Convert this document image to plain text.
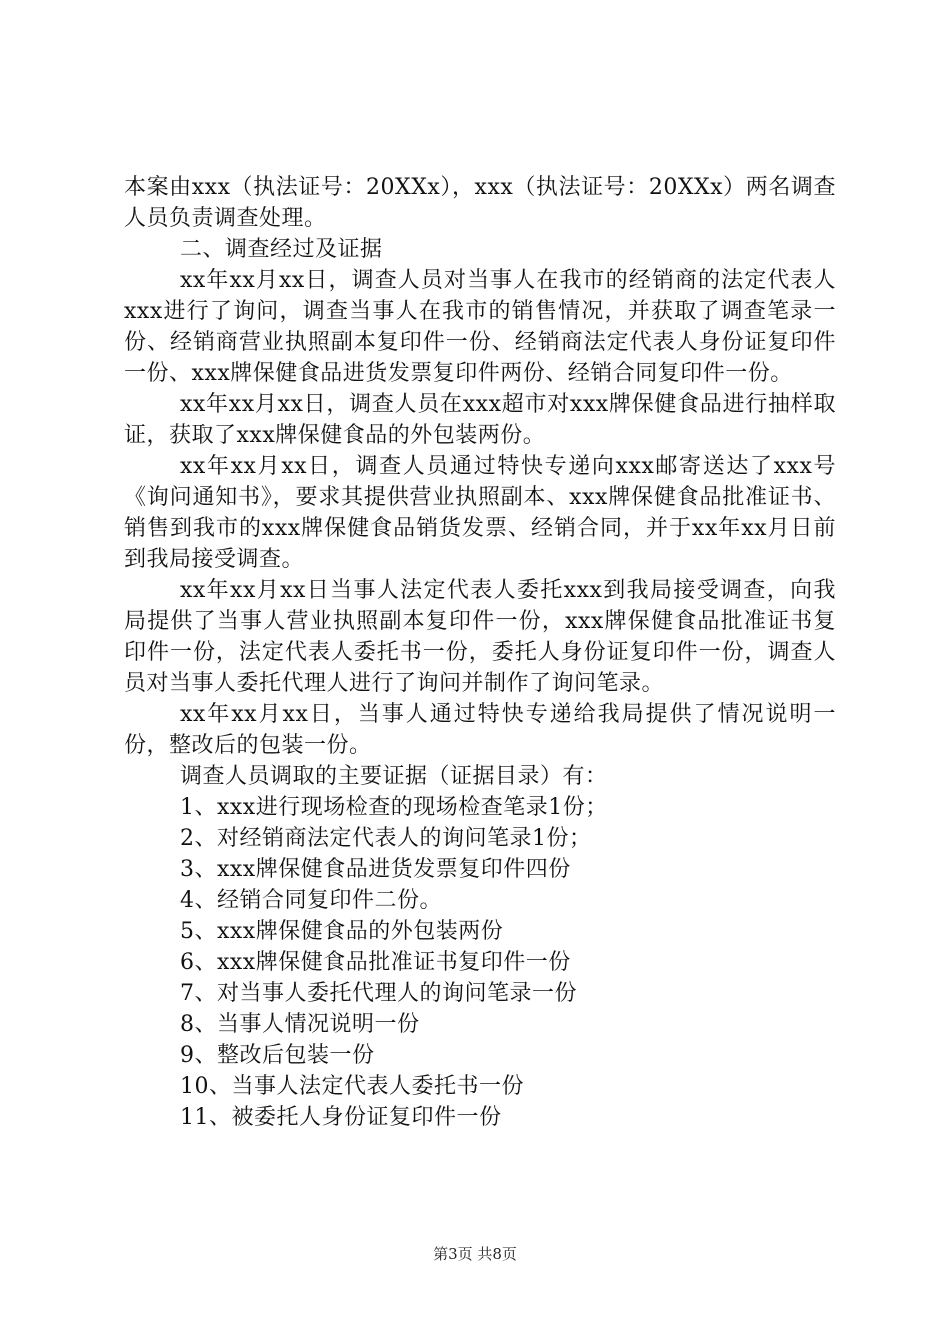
本案由xxx（执法证号：20XXx），xxx（执法证号：20XXx）两名调查人员负责调查处理。

二、调查经过及证据

xx年xx月xx日，调查人员对当事人在我市的经销商的法定代表人xxx进行了询问，调查当事人在我市的销售情况，并获取了调查笔录一份、经销商营业执照副本复印件一份、经销商法定代表人身份证复印件一份、xxx牌保健食品进货发票复印件两份、经销合同复印件一份。

xx年xx月xx日，调查人员在xxx超市对xxx牌保健食品进行抽样取证，获取了xxx牌保健食品的外包装两份。

xx年xx月xx日，调查人员通过特快专递向xxx邮寄送达了xxx号《询问通知书》，要求其提供营业执照副本、xxx牌保健食品批准证书、销售到我市的xxx牌保健食品销货发票、经销合同，并于xx年xx月日前到我局接受调查。

xx年xx月xx日当事人法定代表人委托xxx到我局接受调查，向我局提供了当事人营业执照副本复印件一份，xxx牌保健食品批准证书复印件一份，法定代表人委托书一份，委托人身份证复印件一份，调查人员对当事人委托代理人进行了询问并制作了询问笔录。

xx年xx月xx日，当事人通过特快专递给我局提供了情况说明一份，整改后的包装一份。

调查人员调取的主要证据（证据目录）有：

1、xxx进行现场检查的现场检查笔录1份；

2、对经销商法定代表人的询问笔录1份；

3、xxx牌保健食品进货发票复印件四份

4、经销合同复印件二份。

5、xxx牌保健食品的外包装两份

6、xxx牌保健食品批准证书复印件一份

7、对当事人委托代理人的询问笔录一份

8、当事人情况说明一份

9、整改后包装一份

10、当事人法定代表人委托书一份

11、被委托人身份证复印件一份

第3页 共8页
